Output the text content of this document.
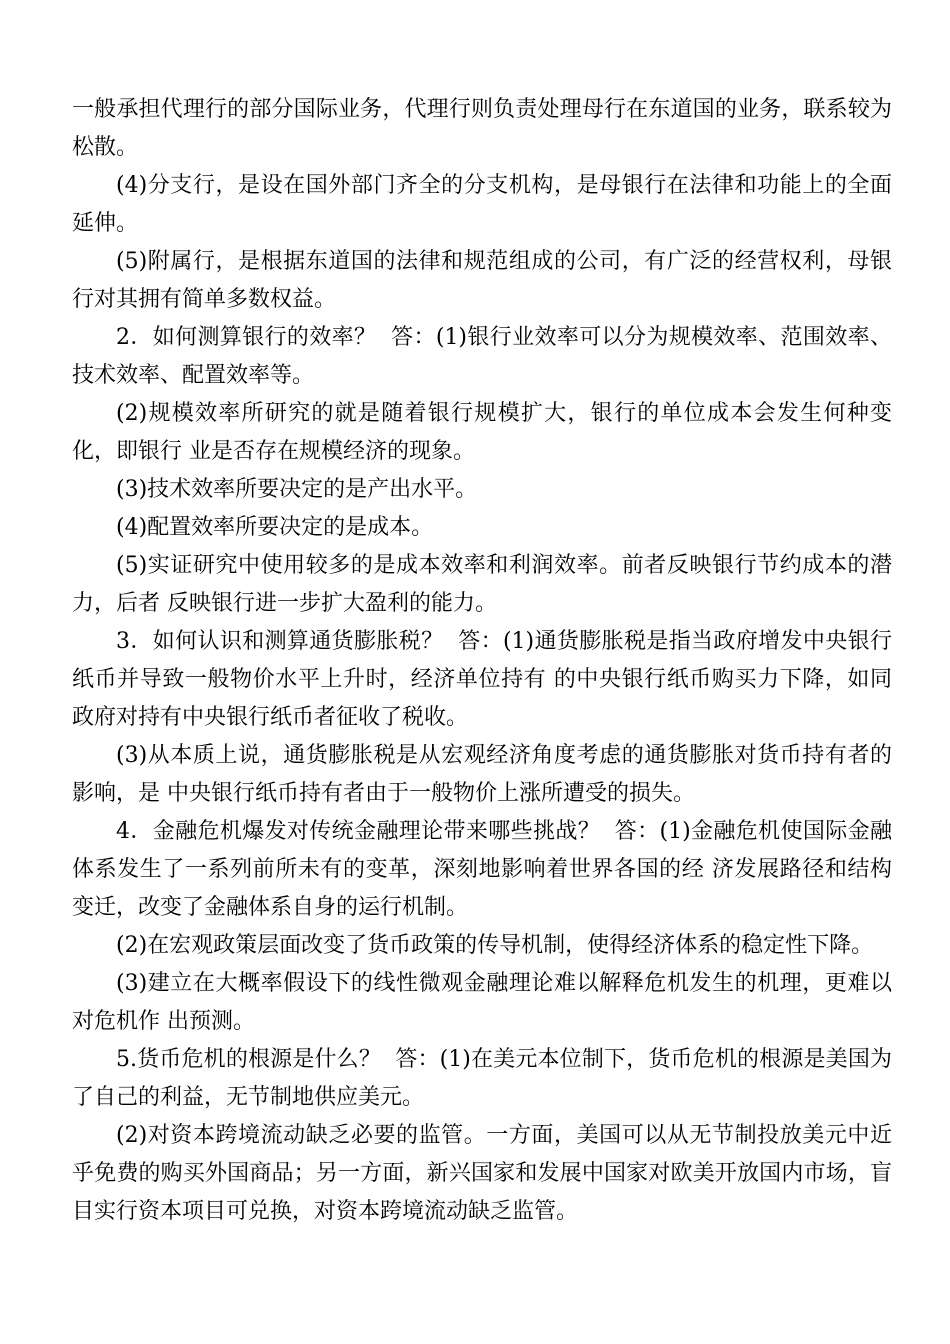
一般承担代理行的部分国际业务，代理行则负责处理母行在东道国的业务，联系较为松散。

(4)分支行，是设在国外部门齐全的分支机构，是母银行在法律和功能上的全面延伸。

(5)附属行，是根据东道国的法律和规范组成的公司，有广泛的经营权利，母银行对其拥有简单多数权益。

2．如何测算银行的效率？  答：(1)银行业效率可以分为规模效率、范围效率、技术效率、配置效率等。

(2)规模效率所研究的就是随着银行规模扩大，银行的单位成本会发生何种变化，即银行 业是否存在规模经济的现象。

(3)技术效率所要决定的是产出水平。

(4)配置效率所要决定的是成本。

(5)实证研究中使用较多的是成本效率和利润效率。前者反映银行节约成本的潜力，后者 反映银行进一步扩大盈利的能力。

3．如何认识和测算通货膨胀税？  答：(1)通货膨胀税是指当政府增发中央银行纸币并导致一般物价水平上升时，经济单位持有 的中央银行纸币购买力下降，如同政府对持有中央银行纸币者征收了税收。

(3)从本质上说，通货膨胀税是从宏观经济角度考虑的通货膨胀对货币持有者的影响，是 中央银行纸币持有者由于一般物价上涨所遭受的损失。

4．金融危机爆发对传统金融理论带来哪些挑战？  答：(1)金融危机使国际金融体系发生了一系列前所未有的变革，深刻地影响着世界各国的经 济发展路径和结构变迁，改变了金融体系自身的运行机制。

(2)在宏观政策层面改变了货币政策的传导机制，使得经济体系的稳定性下降。

(3)建立在大概率假设下的线性微观金融理论难以解释危机发生的机理，更难以对危机作 出预测。

5.货币危机的根源是什么？  答：(1)在美元本位制下，货币危机的根源是美国为了自己的利益，无节制地供应美元。

(2)对资本跨境流动缺乏必要的监管。一方面，美国可以从无节制投放美元中近乎免费的购买外国商品；另一方面，新兴国家和发展中国家对欧美开放国内市场，盲目实行资本项目可兑换，对资本跨境流动缺乏监管。
